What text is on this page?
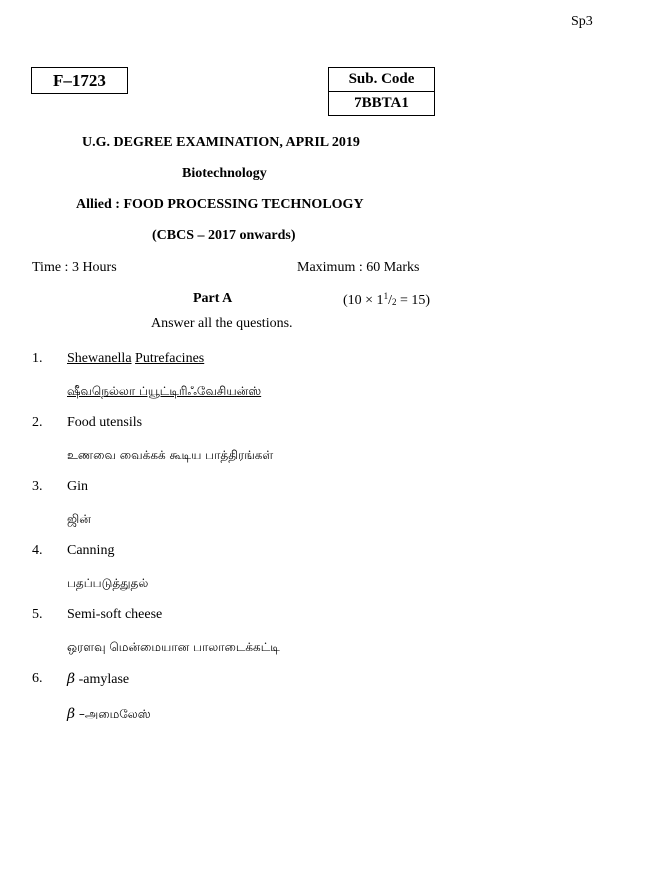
Sp3
F–1723	Sub. Code
7BBTA1
U.G. DEGREE EXAMINATION, APRIL 2019
Biotechnology
Allied : FOOD PROCESSING TECHNOLOGY
(CBCS – 2017 onwards)
Time : 3 Hours	Maximum : 60 Marks
Part A	$(10 \times 1^1/_2 = 15)$
Answer all the questions.
1. Shewanella Putrefacines
ஷீவநெல்லா ப்யூட்டிரிஃவேசியன்ஸ்
2. Food utensils
உணவை வைக்கக் கூடிய பாத்திரங்கள்
3. Gin
ஜின்
4. Canning
பதப்படுத்துதல்
5. Semi-soft cheese
ஒரளவு மென்மையான பாலாடைக்கட்டி
6. β -amylase
β –அமைலேஸ்
